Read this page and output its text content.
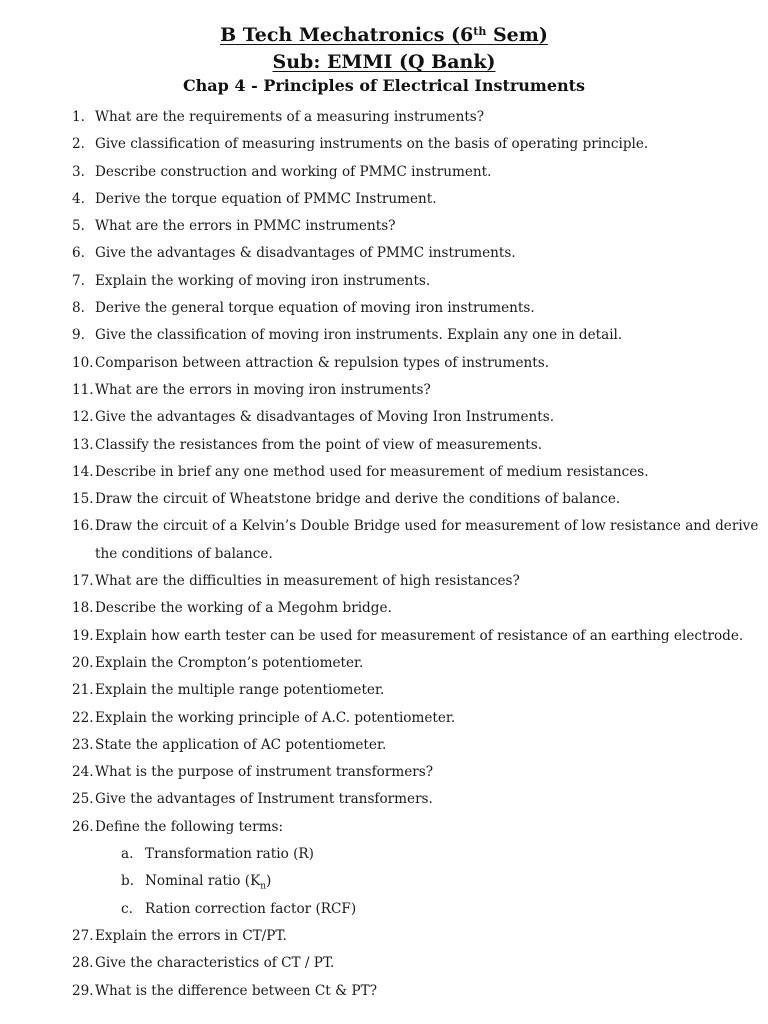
B Tech Mechatronics (6th Sem)
Sub: EMMI (Q Bank)
Chap 4 - Principles of Electrical Instruments
1. What are the requirements of a measuring instruments?
2. Give classification of measuring instruments on the basis of operating principle.
3. Describe construction and working of PMMC instrument.
4. Derive the torque equation of PMMC Instrument.
5. What are the errors in PMMC instruments?
6. Give the advantages & disadvantages of PMMC instruments.
7. Explain the working of moving iron instruments.
8. Derive the general torque equation of moving iron instruments.
9. Give the classification of moving iron instruments. Explain any one in detail.
10. Comparison between attraction & repulsion types of instruments.
11. What are the errors in moving iron instruments?
12. Give the advantages & disadvantages of Moving Iron Instruments.
13. Classify the resistances from the point of view of measurements.
14. Describe in brief any one method used for measurement of medium resistances.
15. Draw the circuit of Wheatstone bridge and derive the conditions of balance.
16. Draw the circuit of a Kelvin’s Double Bridge used for measurement of low resistance and derive
the conditions of balance.
17. What are the difficulties in measurement of high resistances?
18. Describe the working of a Megohm bridge.
19. Explain how earth tester can be used for measurement of resistance of an earthing electrode.
20. Explain the Crompton’s potentiometer.
21. Explain the multiple range potentiometer.
22. Explain the working principle of A.C. potentiometer.
23. State the application of AC potentiometer.
24. What is the purpose of instrument transformers?
25. Give the advantages of Instrument transformers.
26. Define the following terms:
a. Transformation ratio (R)
b. Nominal ratio $(K_n)$
c. Ration correction factor (RCF)
27. Explain the errors in CT/PT.
28. Give the characteristics of CT / PT.
29. What is the difference between Ct & PT?
